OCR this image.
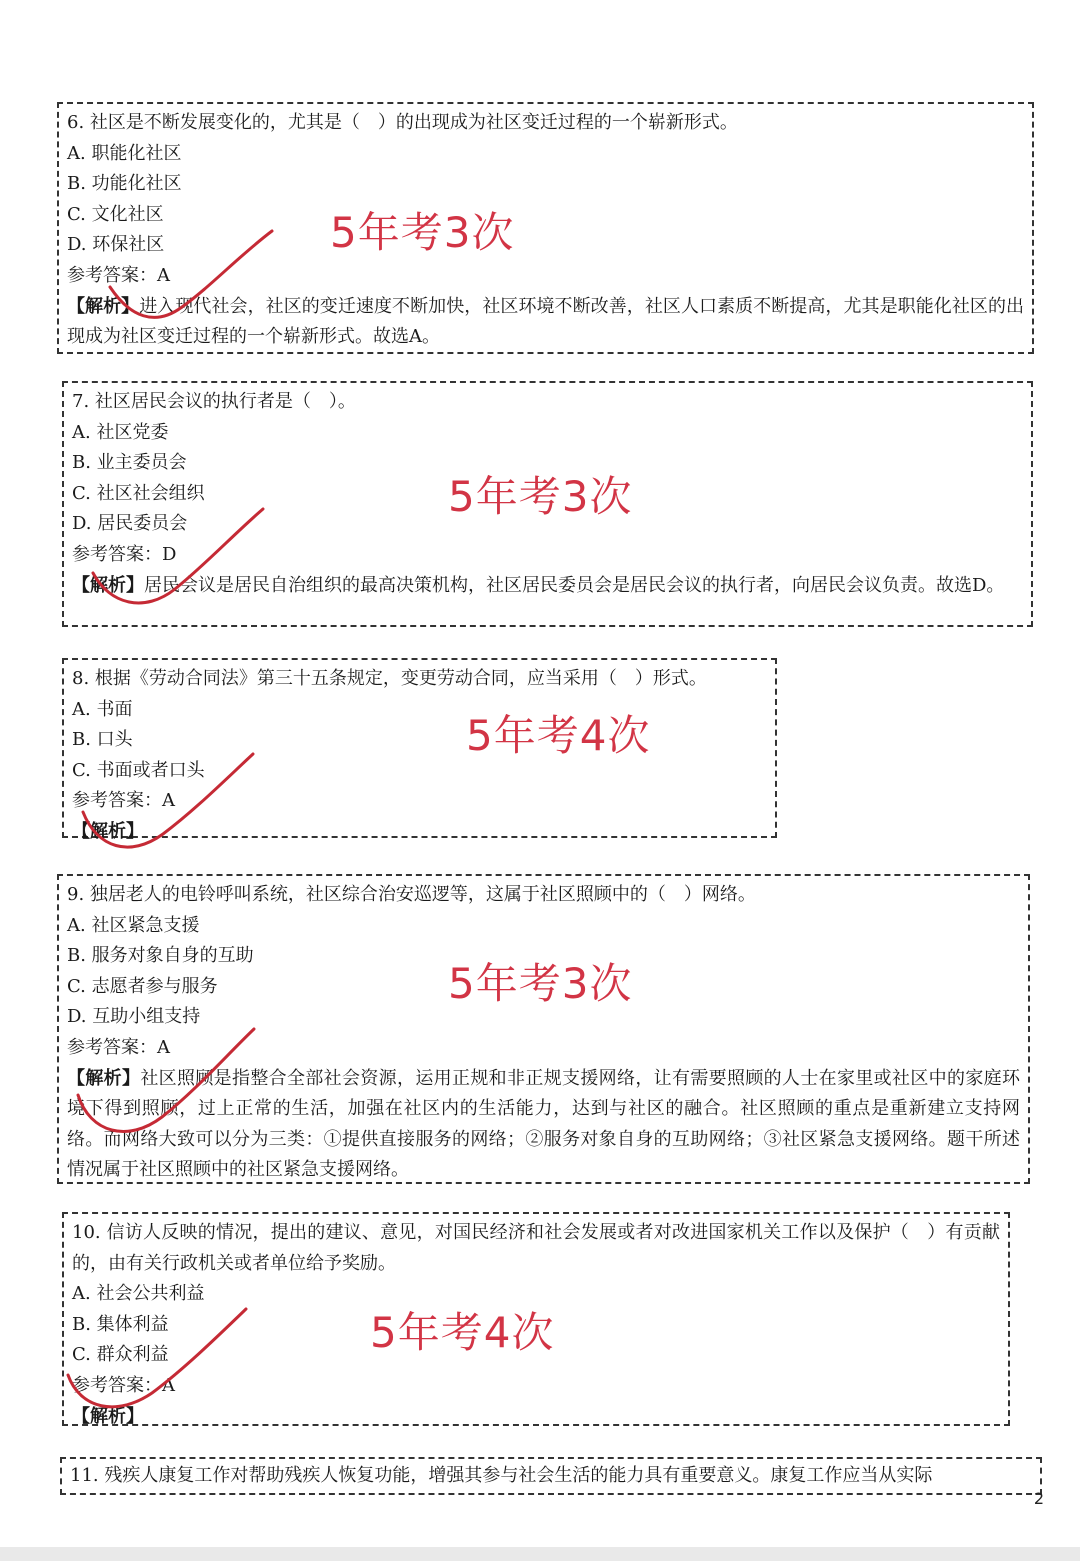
6. 社区是不断发展变化的，尤其是（　）的出现成为社区变迁过程的一个崭新形式。
A. 职能化社区
B. 功能化社区
C. 文化社区
D. 环保社区
参考答案：A
【解析】进入现代社会，社区的变迁速度不断加快，社区环境不断改善，社区人口素质不断提高，尤其是职能化社区的出现成为社区变迁过程的一个崭新形式。故选A。
5年考3次
7. 社区居民会议的执行者是（　）。
A. 社区党委
B. 业主委员会
C. 社区社会组织
D. 居民委员会
参考答案：D
【解析】居民会议是居民自治组织的最高决策机构，社区居民委员会是居民会议的执行者，向居民会议负责。故选D。
5年考3次
8. 根据《劳动合同法》第三十五条规定，变更劳动合同，应当采用（　）形式。
A. 书面
B. 口头
C. 书面或者口头
参考答案：A
【解析】
5年考4次
9. 独居老人的电铃呼叫系统，社区综合治安巡逻等，这属于社区照顾中的（　）网络。
A. 社区紧急支援
B. 服务对象自身的互助
C. 志愿者参与服务
D. 互助小组支持
参考答案：A
【解析】社区照顾是指整合全部社会资源，运用正规和非正规支援网络，让有需要照顾的人士在家里或社区中的家庭环境下得到照顾，过上正常的生活，加强在社区内的生活能力，达到与社区的融合。社区照顾的重点是重新建立支持网络。而网络大致可以分为三类：①提供直接服务的网络；②服务对象自身的互助网络；③社区紧急支援网络。题干所述情况属于社区照顾中的社区紧急支援网络。
5年考3次
10. 信访人反映的情况，提出的建议、意见，对国民经济和社会发展或者对改进国家机关工作以及保护（　）有贡献的，由有关行政机关或者单位给予奖励。
A. 社会公共利益
B. 集体利益
C. 群众利益
参考答案：A
【解析】
5年考4次
11. 残疾人康复工作对帮助残疾人恢复功能，增强其参与社会生活的能力具有重要意义。康复工作应当从实际
2
